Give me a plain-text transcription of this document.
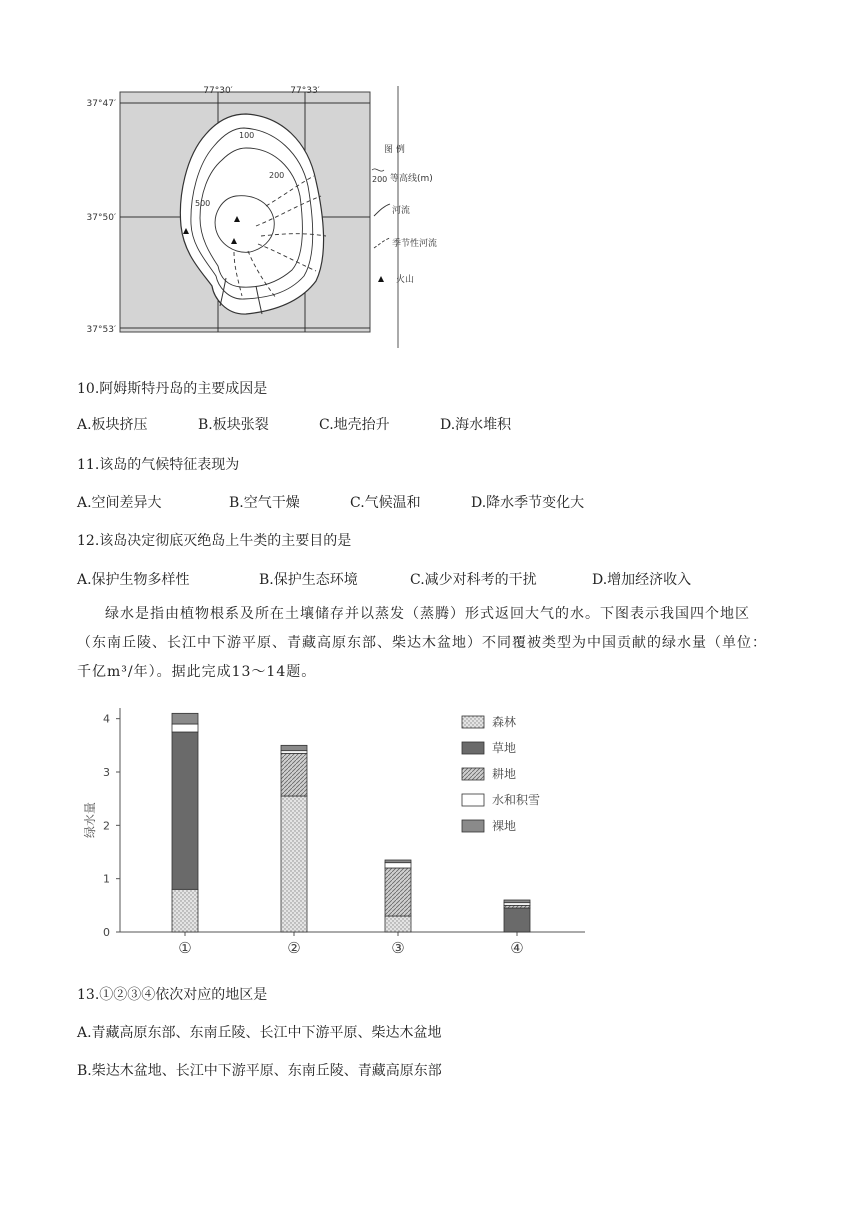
77°30′	77°33′
37°47′
37°50′
37°53′
100
200
500
图 例
200 等高线(m)
河流
季节性河流
火山
10.阿姆斯特丹岛的主要成因是
A.板块挤压	B.板块张裂	C.地壳抬升	D.海水堆积
11.该岛的气候特征表现为
A.空间差异大	B.空气干燥	C.气候温和	D.降水季节变化大
12.该岛决定彻底灭绝岛上牛类的主要目的是
A.保护生物多样性	B.保护生态环境	C.减少对科考的干扰	D.增加经济收入
绿水是指由植物根系及所在土壤储存并以蒸发（蒸腾）形式返回大气的水。下图表示我国四个地区
（东南丘陵、长江中下游平原、青藏高原东部、柴达木盆地）不同覆被类型为中国贡献的绿水量（单位：
千亿m³/年）。据此完成13～14题。
0
1
2
3
4
绿水量
①	②	③	④
森林
草地
耕地
水和积雪
裸地
13.①②③④依次对应的地区是
A.青藏高原东部、东南丘陵、长江中下游平原、柴达木盆地
B.柴达木盆地、长江中下游平原、东南丘陵、青藏高原东部
